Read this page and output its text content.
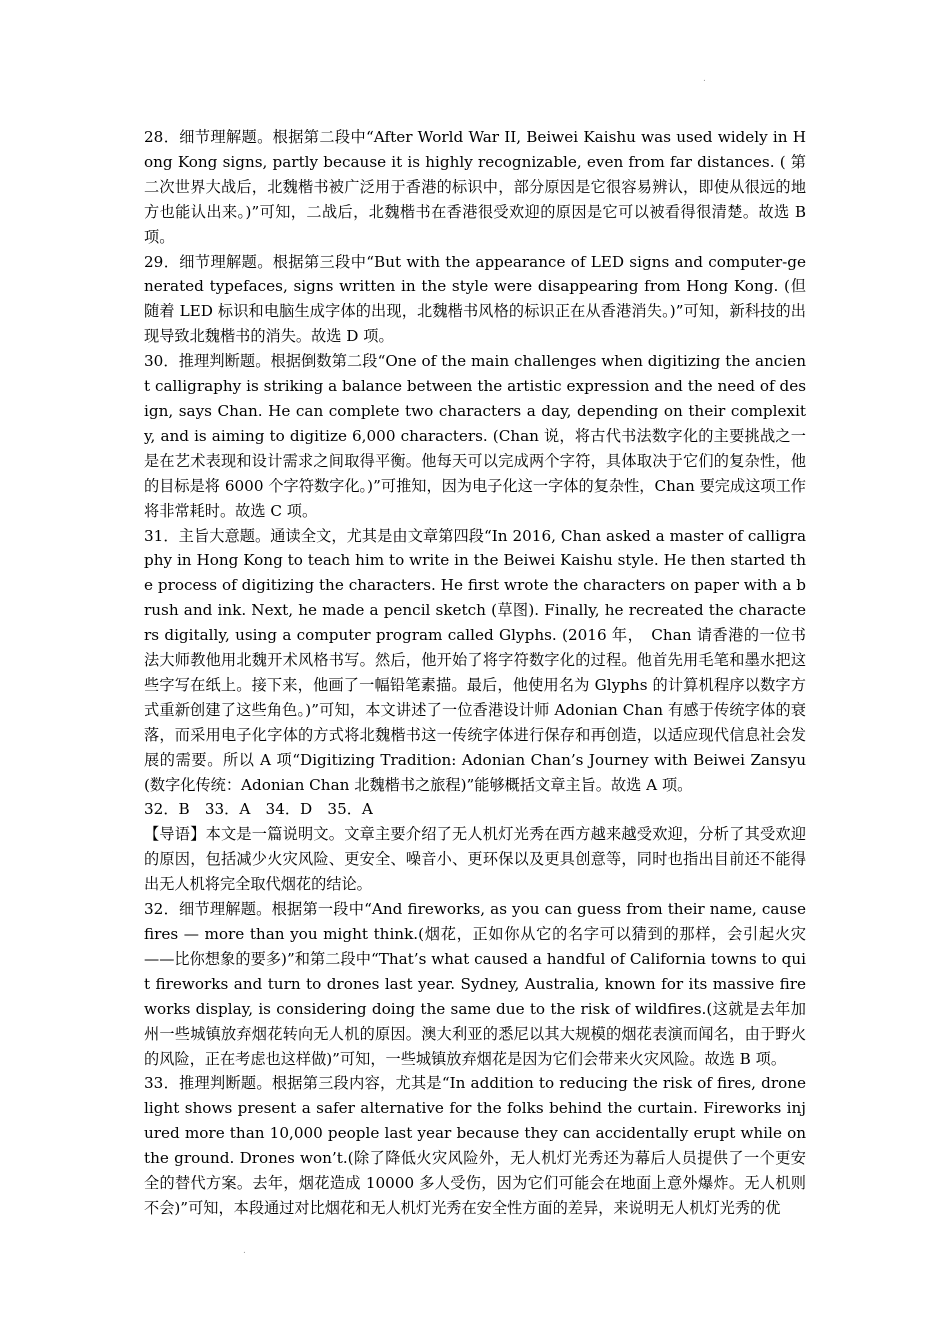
.

28．细节理解题。根据第二段中“After World War II, Beiwei Kaishu was used widely in Hong Kong signs, partly because it is highly recognizable, even from far distances. ( 第二次世界大战后，北魏楷书被广泛用于香港的标识中，部分原因是它很容易辨认，即使从很远的地方也能认出来。)”可知，二战后，北魏楷书在香港很受欢迎的原因是它可以被看得很清楚。故选 B 项。

29．细节理解题。根据第三段中“But with the appearance of LED signs and computer-generated typefaces, signs written in the style were disappearing from Hong Kong. (但随着 LED 标识和电脑生成字体的出现，北魏楷书风格的标识正在从香港消失。)”可知，新科技的出现导致北魏楷书的消失。故选 D 项。

30．推理判断题。根据倒数第二段“One of the main challenges when digitizing the ancient calligraphy is striking a balance between the artistic expression and the need of design, says Chan. He can complete two characters a day, depending on their complexity, and is aiming to digitize 6,000 characters. (Chan 说，将古代书法数字化的主要挑战之一是在艺术表现和设计需求之间取得平衡。他每天可以完成两个字符，具体取决于它们的复杂性，他的目标是将 6000 个字符数字化。)”可推知，因为电子化这一字体的复杂性，Chan 要完成这项工作将非常耗时。故选 C 项。

31．主旨大意题。通读全文，尤其是由文章第四段“In 2016, Chan asked a master of calligraphy in Hong Kong to teach him to write in the Beiwei Kaishu style. He then started the process of digitizing the characters. He first wrote the characters on paper with a brush and ink. Next, he made a pencil sketch (草图). Finally, he recreated the characters digitally, using a computer program called Glyphs. (2016 年，　Chan 请香港的一位书法大师教他用北魏开术风格书写。然后，他开始了将字符数字化的过程。他首先用毛笔和墨水把这些字写在纸上。接下来，他画了一幅铅笔素描。最后，他使用名为 Glyphs 的计算机程序以数字方式重新创建了这些角色。)”可知，本文讲述了一位香港设计师 Adonian Chan 有感于传统字体的衰落，而采用电子化字体的方式将北魏楷书这一传统字体进行保存和再创造，以适应现代信息社会发展的需要。所以 A 项“Digitizing Tradition: Adonian Chan’s Journey with Beiwei Zansyu (数字化传统：Adonian Chan 北魏楷书之旅程)”能够概括文章主旨。故选 A 项。

32．B　33．A　34．D　35．A

【导语】本文是一篇说明文。文章主要介绍了无人机灯光秀在西方越来越受欢迎，分析了其受欢迎的原因，包括减少火灾风险、更安全、噪音小、更环保以及更具创意等，同时也指出目前还不能得出无人机将完全取代烟花的结论。

32．细节理解题。根据第一段中“And fireworks, as you can guess from their name, cause fires — more than you might think.(烟花，正如你从它的名字可以猜到的那样，会引起火灾——比你想象的要多)”和第二段中“That’s what caused a handful of California towns to quit fireworks and turn to drones last year. Sydney, Australia, known for its massive fireworks display, is considering doing the same due to the risk of wildfires.(这就是去年加州一些城镇放弃烟花转向无人机的原因。澳大利亚的悉尼以其大规模的烟花表演而闻名，由于野火的风险，正在考虑也这样做)”可知，一些城镇放弃烟花是因为它们会带来火灾风险。故选 B 项。

33．推理判断题。根据第三段内容，尤其是“In addition to reducing the risk of fires, drone light shows present a safer alternative for the folks behind the curtain. Fireworks injured more than 10,000 people last year because they can accidentally erupt while on the ground. Drones won’t.(除了降低火灾风险外，无人机灯光秀还为幕后人员提供了一个更安全的替代方案。去年，烟花造成 10000 多人受伤，因为它们可能会在地面上意外爆炸。无人机则不会)”可知，本段通过对比烟花和无人机灯光秀在安全性方面的差异，来说明无人机灯光秀的优

.
